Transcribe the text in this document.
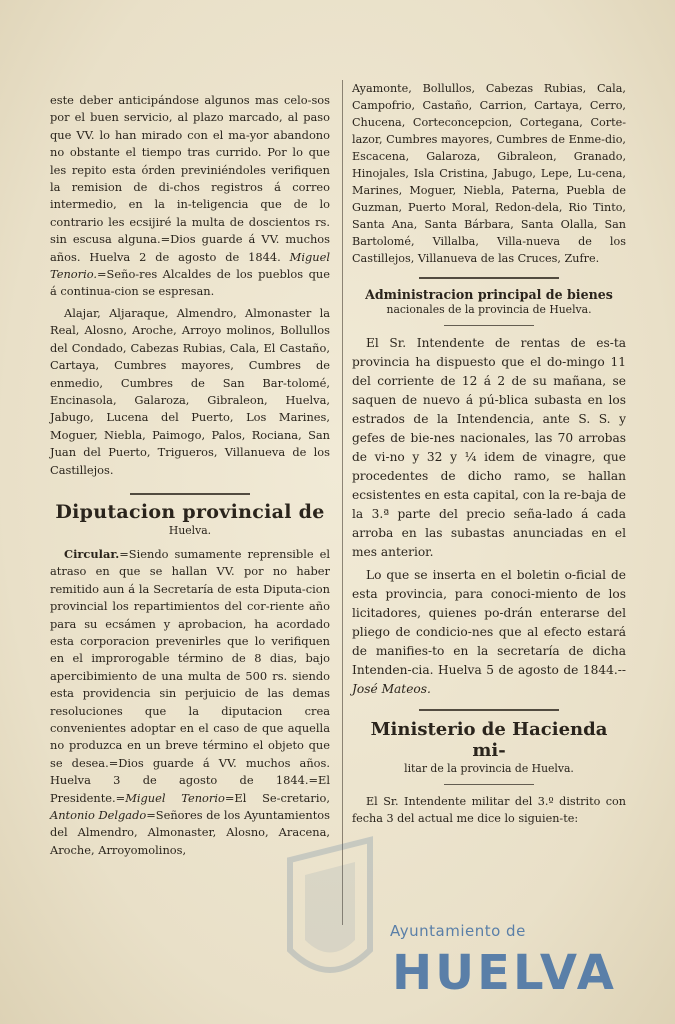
este deber anticipándose algunos mas celo-sos por el buen servicio, al plazo marcado, al paso que VV. lo han mirado con el ma-yor abandono no obstante el tiempo tras currido. Por lo que les repito esta órden previniéndoles verifiquen la remision de di-chos registros á correo intermedio, en la in-teligencia que de lo contrario les ecsijiré la multa de doscientos rs. sin escusa alguna.=Dios guarde á VV. muchos años. Huelva 2 de agosto de 1844. Miguel Tenorio.=Seño-res Alcaldes de los pueblos que á continua-cion se espresan.

Alajar, Aljaraque, Almendro, Almonaster la Real, Alosno, Aroche, Arroyo molinos, Bollullos del Condado, Cabezas Rubias, Cala, El Castaño, Cartaya, Cumbres mayores, Cumbres de enmedio, Cumbres de San Bar-tolomé, Encinasola, Galaroza, Gibraleon, Huelva, Jabugo, Lucena del Puerto, Los Marines, Moguer, Niebla, Paimogo, Palos, Rociana, San Juan del Puerto, Trigueros, Villanueva de los Castillejos.

Diputacion provincial de
Huelva.

Circular.=Siendo sumamente reprensible el atraso en que se hallan VV. por no haber remitido aun á la Secretaría de esta Diputa-cion provincial los repartimientos del cor-riente año para su ecsámen y aprobacion, ha acordado esta corporacion prevenirles que lo verifiquen en el improrogable término de 8 dias, bajo apercibimiento de una multa de 500 rs. siendo esta providencia sin perjuicio de las demas resoluciones que la diputacion crea convenientes adoptar en el caso de que aquella no produzca en un breve término el objeto que se desea.=Dios guarde á VV. muchos años. Huelva 3 de agosto de 1844.=El Presidente.=Miguel Tenorio=El Se-cretario, Antonio Delgado=Señores de los Ayuntamientos del Almendro, Almonaster, Alosno, Aracena, Aroche, Arroyomolinos,

Ayamonte, Bollullos, Cabezas Rubias, Cala, Campofrio, Castaño, Carrion, Cartaya, Cerro, Chucena, Corteconcepcion, Cortegana, Corte-lazor, Cumbres mayores, Cumbres de Enme-dio, Escacena, Galaroza, Gibraleon, Granado, Hinojales, Isla Cristina, Jabugo, Lepe, Lu-cena, Marines, Moguer, Niebla, Paterna, Puebla de Guzman, Puerto Moral, Redon-dela, Rio Tinto, Santa Ana, Santa Bárbara, Santa Olalla, San Bartolomé, Villalba, Villa-nueva de los Castillejos, Villanueva de las Cruces, Zufre.

Administracion principal de bienes
nacionales de la provincia de Huelva.

El Sr. Intendente de rentas de es-ta provincia ha dispuesto que el do-mingo 11 del corriente de 12 á 2 de su mañana, se saquen de nuevo á pú-blica subasta en los estrados de la Intendencia, ante S. S. y gefes de bie-nes nacionales, las 70 arrobas de vi-no y 32 y ¼ idem de vinagre, que procedentes de dicho ramo, se hallan ecsistentes en esta capital, con la re-baja de la 3.ª parte del precio seña-lado á cada arroba en las subastas anunciadas en el mes anterior.

Lo que se inserta en el boletin o-ficial de esta provincia, para conoci-miento de los licitadores, quienes po-drán enterarse del pliego de condicio-nes que al efecto estará de manifies-to en la secretaría de dicha Intenden-cia. Huelva 5 de agosto de 1844.--José Mateos.

Ministerio de Hacienda mi-
litar de la provincia de Huelva.

El Sr. Intendente militar del 3.º distrito con fecha 3 del actual me dice lo siguien-te:

Ayuntamiento de
HUELVA
